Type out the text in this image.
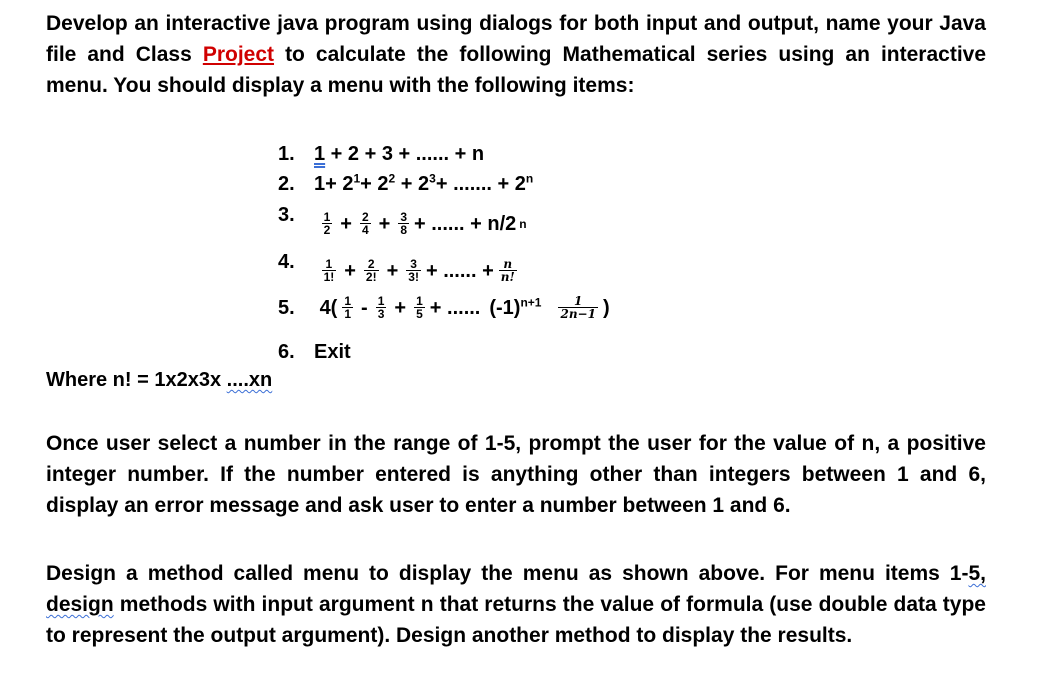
Develop an interactive java program using dialogs for both input and output, name your Java file and Class Project to calculate the following Mathematical series using an interactive menu. You should display a menu with the following items:
1. 1 + 2 + 3 + ...... + n
2. $1+ 2^1+ 2^2 + 2^3+$ ....... + $2^n$
3. $\frac{1}{2} + \frac{2}{4} + \frac{3}{8}$ + ...... + n/2 n
4. $\frac{1}{1!} + \frac{2}{2!} + \frac{3}{3!}$ + ...... + $\frac{n}{n!}$
5. $4( \frac{1}{1} - \frac{1}{3} + \frac{1}{5}$ + ...... $(-1)^{n+1} \frac{1}{2n-1}$ )
6. Exit
Where n! = 1x2x3x ....xn
Once user select a number in the range of 1-5, prompt the user for the value of n, a positive integer number. If the number entered is anything other than integers between 1 and 6, display an error message and ask user to enter a number between 1 and 6.
Design a method called menu to display the menu as shown above. For menu items 1-5, design methods with input argument n that returns the value of formula (use double data type to represent the output argument). Design another method to display the results.
